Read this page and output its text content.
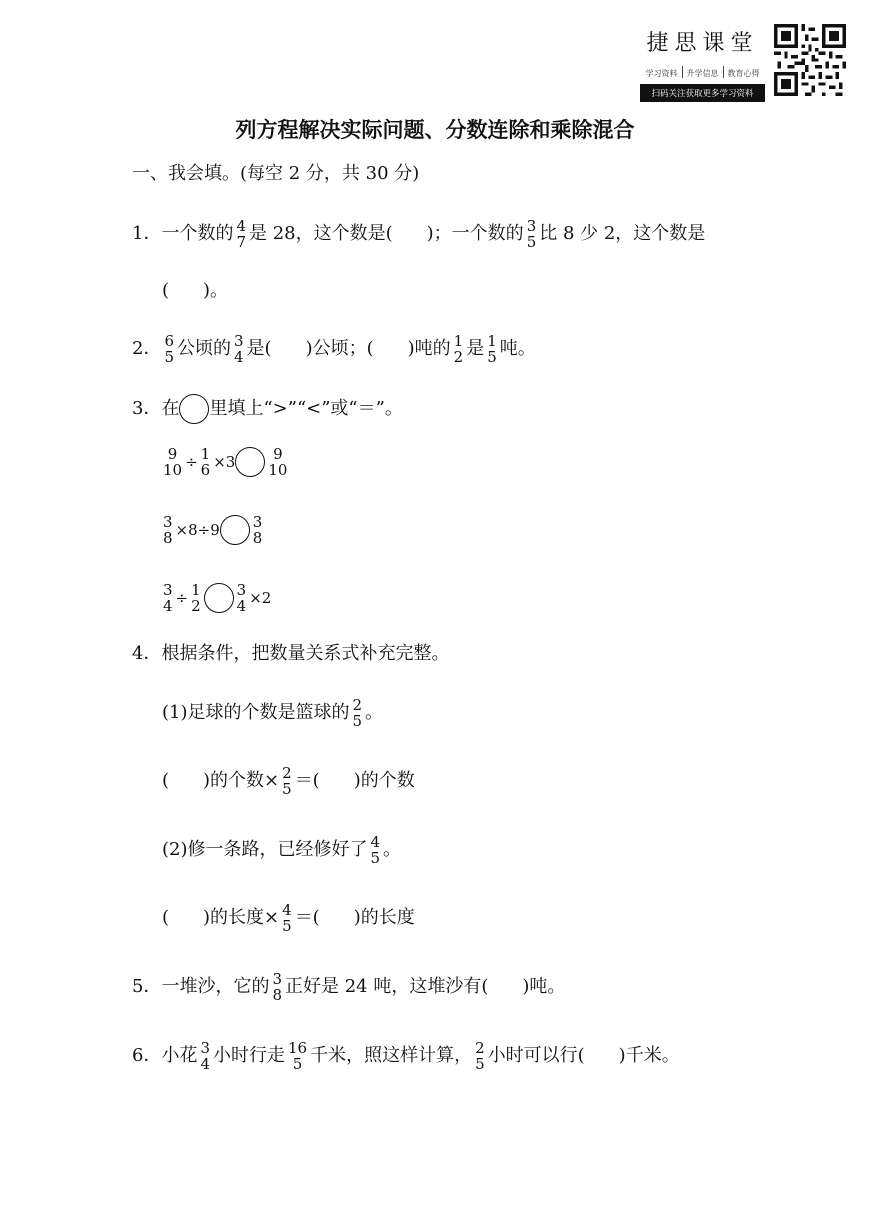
捷思课堂
学习资料 升学信息 教育心得
扫码关注获取更多学习资料
列方程解决实际问题、分数连除和乘除混合
一、我会填。(每空 2 分，共 30 分)
1．一个数的 4
7 是 28，这个数是( )；一个数的 3
5 比 8 少 2，这个数是
( )。
2． 6
5 公顷的 3
4 是( )公顷；( )吨的 1
2 是 1
5 吨。
3．在 里填上“>”“<”或“＝”。
9
10 ÷ 1
6 ×3	9
10
3
8 ×8÷9 3
8
3
4 ÷ 1
2
3
4 ×2
4．根据条件，把数量关系式补充完整。
(1)足球的个数是篮球的 2
5 。
( )的个数× 2
5 ＝( )的个数
(2)修一条路，已经修好了 4
5 。
( )的长度× 4
5 ＝( )的长度
5．一堆沙，它的 3
8 正好是 24 吨，这堆沙有( )吨。
6．小花 3
4 小时行走 16
5 千米，照这样计算， 2
5 小时可以行( )千米。
